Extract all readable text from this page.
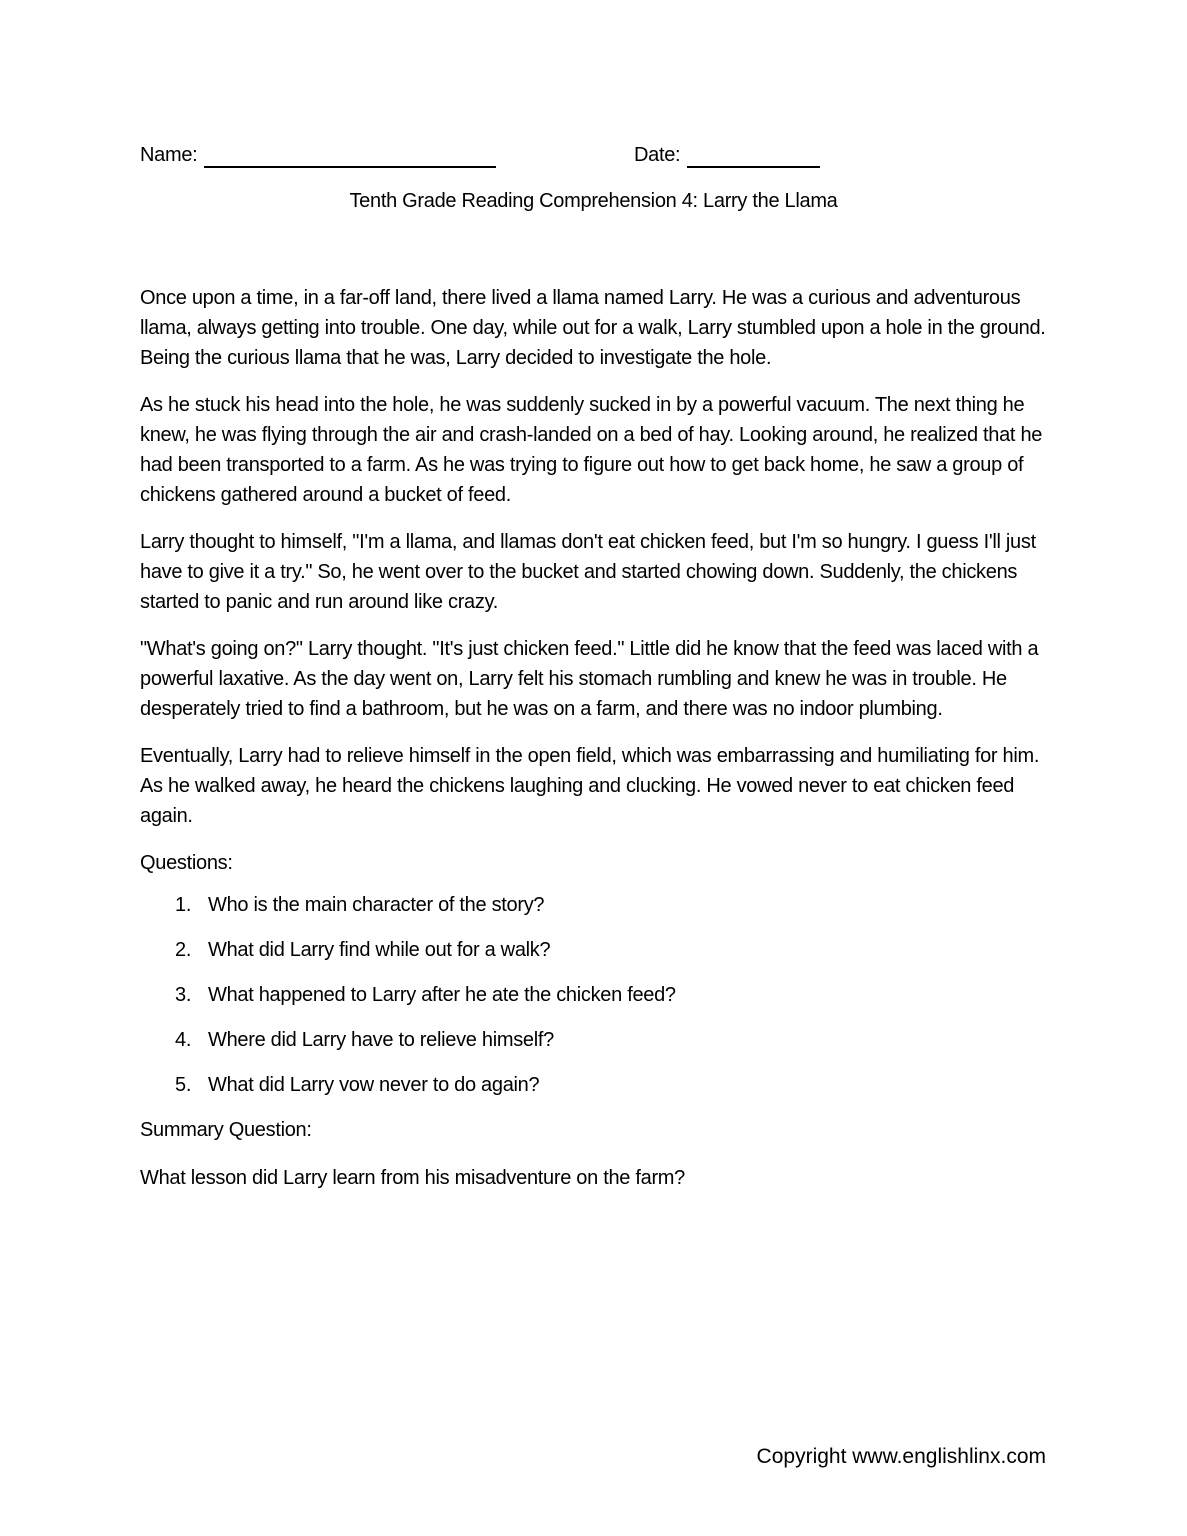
Name:	Date:
Tenth Grade Reading Comprehension 4: Larry the Llama

Once upon a time, in a far-off land, there lived a llama named Larry. He was a curious and adventurous llama, always getting into trouble. One day, while out for a walk, Larry stumbled upon a hole in the ground. Being the curious llama that he was, Larry decided to investigate the hole.

As he stuck his head into the hole, he was suddenly sucked in by a powerful vacuum. The next thing he knew, he was flying through the air and crash-landed on a bed of hay. Looking around, he realized that he had been transported to a farm. As he was trying to figure out how to get back home, he saw a group of chickens gathered around a bucket of feed.

Larry thought to himself, "I'm a llama, and llamas don't eat chicken feed, but I'm so hungry. I guess I'll just have to give it a try." So, he went over to the bucket and started chowing down. Suddenly, the chickens started to panic and run around like crazy.

"What's going on?" Larry thought. "It's just chicken feed." Little did he know that the feed was laced with a powerful laxative. As the day went on, Larry felt his stomach rumbling and knew he was in trouble. He desperately tried to find a bathroom, but he was on a farm, and there was no indoor plumbing.

Eventually, Larry had to relieve himself in the open field, which was embarrassing and humiliating for him. As he walked away, he heard the chickens laughing and clucking. He vowed never to eat chicken feed again.

Questions:

1. Who is the main character of the story?
2. What did Larry find while out for a walk?
3. What happened to Larry after he ate the chicken feed?
4. Where did Larry have to relieve himself?
5. What did Larry vow never to do again?

Summary Question:

What lesson did Larry learn from his misadventure on the farm?

Copyright www.englishlinx.com
